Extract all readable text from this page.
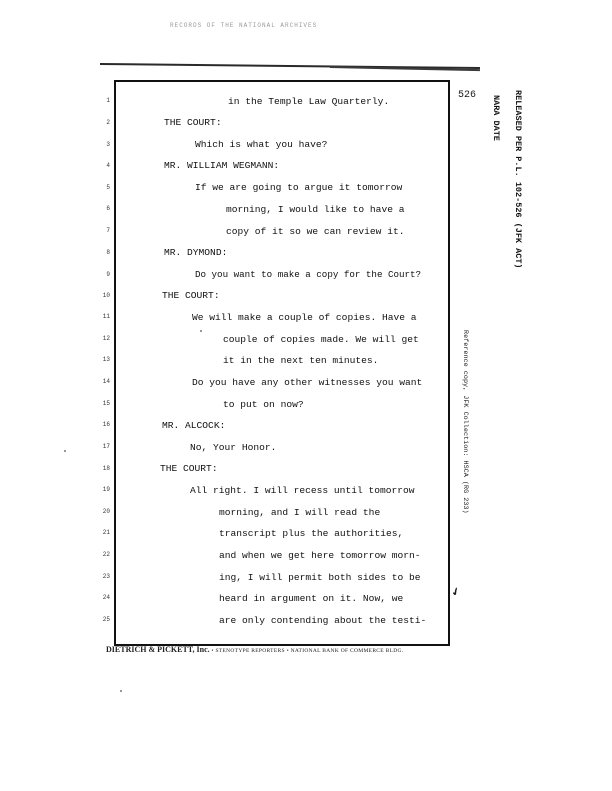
RECORDS OF THE NATIONAL ARCHIVES
526	RELEASED PER P.L. 102-526 (JFK ACT)
NARA DATE
Reference copy, JFK Collection: HSCA (RG 233)
1
2
3
4
5
6
7
8
9
10
11
12
13
14
15
16
17
18
19
20
21
22
23
24
25
in the Temple Law Quarterly.
THE COURT:
Which is what you have?
MR. WILLIAM WEGMANN:
If we are going to argue it tomorrow
morning, I would like to have a
copy of it so we can review it.
MR. DYMOND:
Do you want to make a copy for the Court?
THE COURT:
We will make a couple of copies. Have a
couple of copies made. We will get
it in the next ten minutes.
Do you have any other witnesses you want
to put on now?
MR. ALCOCK:
No, Your Honor.
THE COURT:
All right. I will recess until tomorrow
morning, and I will read the
transcript plus the authorities,
and when we get here tomorrow morn-
ing, I will permit both sides to be
heard in argument on it. Now, we
are only contending about the testi-
DIETRICH & PICKETT, Inc. • STENOTYPE REPORTERS • NATIONAL BANK OF COMMERCE BLDG.
✔
